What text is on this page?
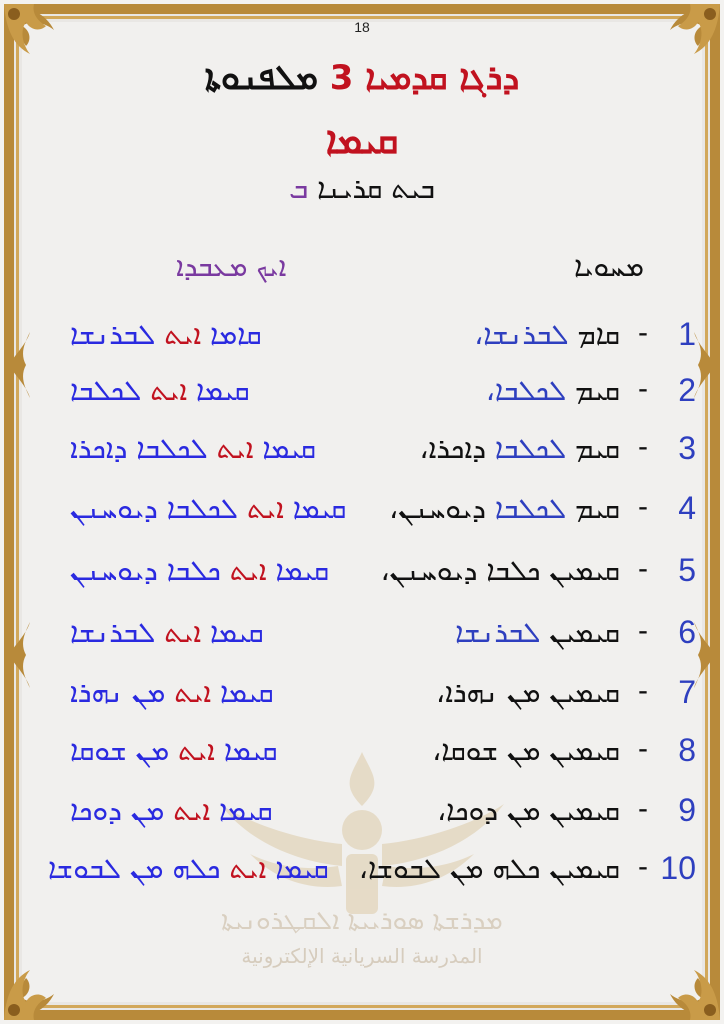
ܡܕܪܫܬܐ ܣܘܪܝܝܬܐ ܐܠܩܛܪܘܢܝܬܐ
المدرسة السريانية الإلكترونية
18
ܕܪܓܐ ܩܕܡܝܐ 3 ܡܠܦܢܘܬܐ
ܩܝܡܐ
ܒܝܬ ܩܪܝܢܐ ܒ
ܡܚܘܝܐ
ܐܝܟ ܡܥܒܕܐ
1
-
ܩܐܡ ܠܒܪܢܫܐ،
ܩܐܡܐ ܐܝܬ ܠܒܪܢܫܐ
2
-
ܩܝܡ ܠܟܠܒܐ،
ܩܝܡܐ ܐܝܬ ܠܟܠܒܐ
3
-
ܩܝܡ ܠܟܠܒܐ ܕܐܟܪܐ،
ܩܝܡܐ ܐܝܬ ܠܟܠܒܐ ܕܐܟܪܐ
4
-
ܩܝܡ ܠܟܠܒܐ ܕܝܘܚܢܢ،
ܩܝܡܐ ܐܝܬ ܠܟܠܒܐ ܕܝܘܚܢܢ
5
-
ܩܝܡܝܢ ܟܠܒܐ ܕܝܘܚܢܢ،
ܩܝܡܐ ܐܝܬ ܟܠܒܐ ܕܝܘܚܢܢ
6
-
ܩܝܡܝܢ ܠܒܪܢܫܐ
ܩܝܡܐ ܐܝܬ ܠܒܪܢܫܐ
7
-
ܩܝܡܝܢ ܡܢ ܢܗܪܐ،
ܩܝܡܐ ܐܝܬ ܡܢ ܢܗܪܐ
8
-
ܩܝܡܝܢ ܡܢ ܫܘܩܐ،
ܩܝܡܐ ܐܝܬ ܡܢ ܫܘܩܐ
9
-
ܩܝܡܝܢ ܡܢ ܕܘܟܐ،
ܩܝܡܐ ܐܝܬ ܡܢ ܕܘܟܐ
10
-
ܩܝܡܝܢ ܟܠܗ ܡܢ ܠܒܘܫܐ،
ܩܝܡܐ ܐܝܬ ܟܠܗ ܡܢ ܠܒܘܫܐ
